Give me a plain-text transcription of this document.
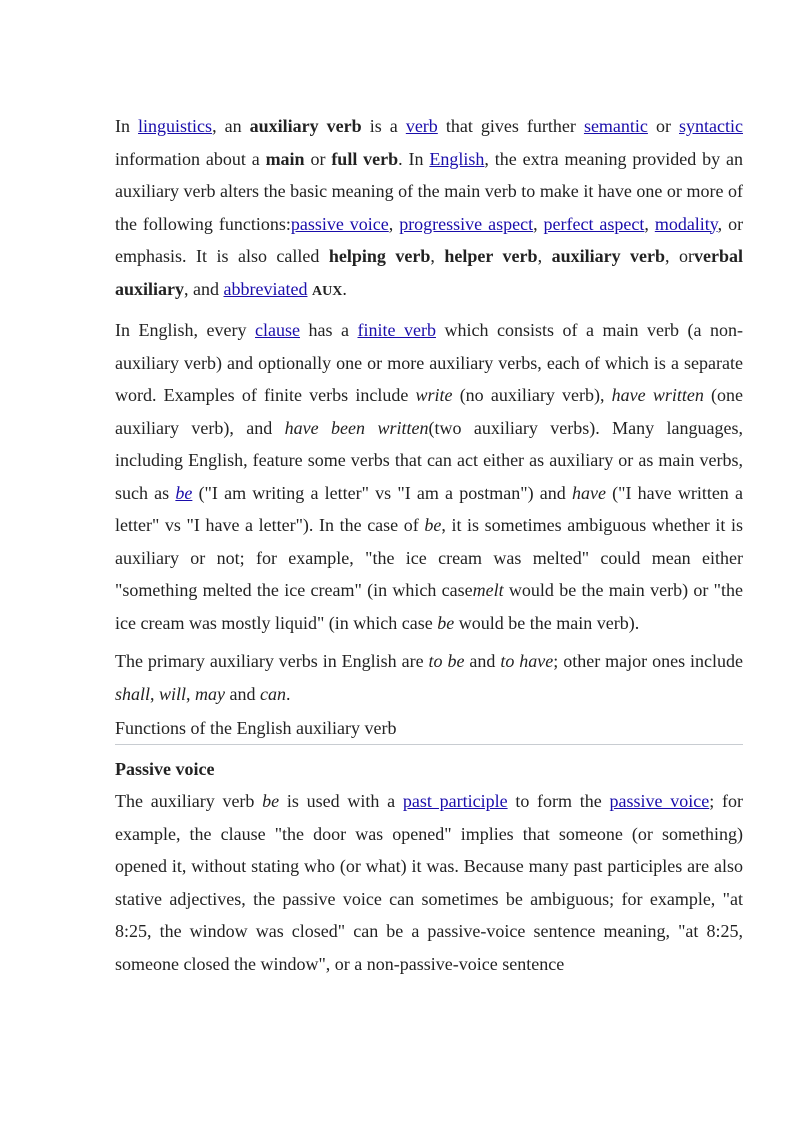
In linguistics, an auxiliary verb is a verb that gives further semantic or syntactic information about a main or full verb. In English, the extra meaning provided by an auxiliary verb alters the basic meaning of the main verb to make it have one or more of the following functions:passive voice, progressive aspect, perfect aspect, modality, or emphasis. It is also called helping verb, helper verb, auxiliary verb, orverbal auxiliary, and abbreviated AUX.

In English, every clause has a finite verb which consists of a main verb (a non-auxiliary verb) and optionally one or more auxiliary verbs, each of which is a separate word. Examples of finite verbs include write (no auxiliary verb), have written (one auxiliary verb), and have been written(two auxiliary verbs). Many languages, including English, feature some verbs that can act either as auxiliary or as main verbs, such as be ("I am writing a letter" vs "I am a postman") and have ("I have written a letter" vs "I have a letter"). In the case of be, it is sometimes ambiguous whether it is auxiliary or not; for example, "the ice cream was melted" could mean either "something melted the ice cream" (in which casemelt would be the main verb) or "the ice cream was mostly liquid" (in which case be would be the main verb).

The primary auxiliary verbs in English are to be and to have; other major ones include shall, will, may and can.

Functions of the English auxiliary verb
Passive voice

The auxiliary verb be is used with a past participle to form the passive voice; for example, the clause "the door was opened" implies that someone (or something) opened it, without stating who (or what) it was. Because many past participles are also stative adjectives, the passive voice can sometimes be ambiguous; for example, "at 8:25, the window was closed" can be a passive-voice sentence meaning, "at 8:25, someone closed the window", or a non-passive-voice sentence
